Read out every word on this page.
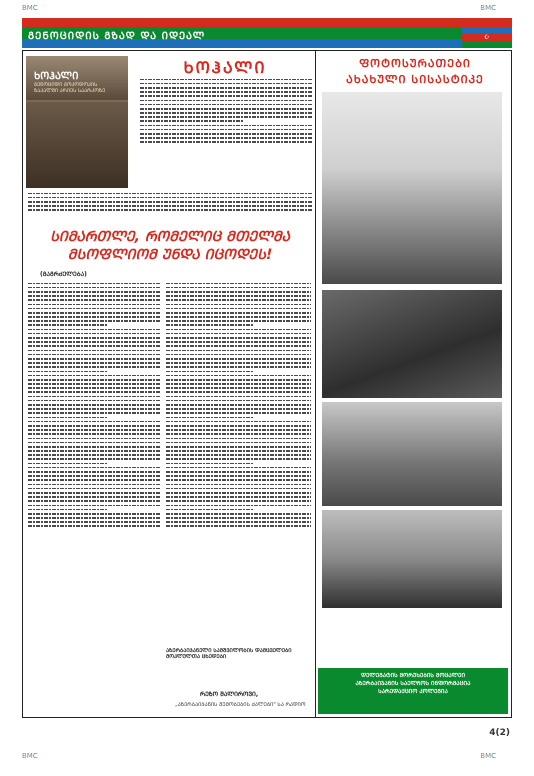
BMC	BMC
ᲒᲔᲜᲝᲪᲘᲓᲘᲡ ᲒᲖᲐᲓ ᲓᲐ ᲘᲓᲔᲐᲚ	☪
ᲮᲝᲰᲐᲚᲘ
ᲒᲔᲜᲝᲪᲘᲓᲘ ᲒᲝᲙᲝᲓᲝᲙᲘᲡ ᲖᲐᲙᲐᲚᲨᲘ ᲐᲠᲘᲔᲡ ᲡᲐᲐᲠᲙᲝᲖᲔ
ᲮᲝᲰᲐᲚᲘ
ᲡᲘᲛᲐᲠᲗᲚᲔ, ᲠᲝᲛᲔᲚᲘᲪ ᲛᲗᲔᲚᲛᲐ ᲛᲡᲝᲤᲚᲘᲝᲛ ᲣᲜᲓᲐ ᲘᲪᲝᲓᲔᲡ!
(ᲒᲐᲒᲠᲫᲔᲚᲔᲑᲐ)
ᲤᲝᲢᲝᲡᲣᲠᲐᲗᲔᲑᲘ
ᲐᲮᲐᲮᲣᲚᲘ ᲡᲘᲡᲐᲡᲢᲘᲙᲔ
ᲐᲖᲔᲠᲑᲐᲘᲯᲐᲜᲔᲚᲘ ᲡᲐᲛᲨᲕᲘᲚᲝᲑᲘᲡ ᲓᲐᲛᲪᲕᲔᲚᲔᲑᲘ ᲛᲝᲙᲚᲣᲚᲗᲐ ᲪᲮᲔᲓᲔᲑᲘ
ᲠᲔᲖᲝ ᲨᲐᲚᲘᲠᲝᲕᲘ,
„ᲐᲖᲔᲠᲑᲐᲘᲯᲐᲜᲘᲡ ᲨᲔᲛᲝᲑᲔᲑᲘᲡ ᲫᲐᲚᲔᲑᲘ" ᲡᲐ ᲠᲐᲓᲘᲝ
ᲓᲔᲚᲔᲒᲐᲢᲘᲡ ᲛᲝᲠᲣᲮᲔᲑᲘᲡ ᲛᲝᲪᲐᲚᲔᲘ
ᲐᲖᲔᲠᲑᲐᲘᲯᲐᲜᲘᲡ ᲡᲐᲔᲚᲩᲝᲡ ᲘᲜᲤᲝᲠᲛᲐᲪᲘᲐ
ᲡᲐᲠᲔᲓᲐᲥᲪᲘᲝ ᲙᲝᲚᲔᲒᲘᲐ
4(2)
BMC	BMC
